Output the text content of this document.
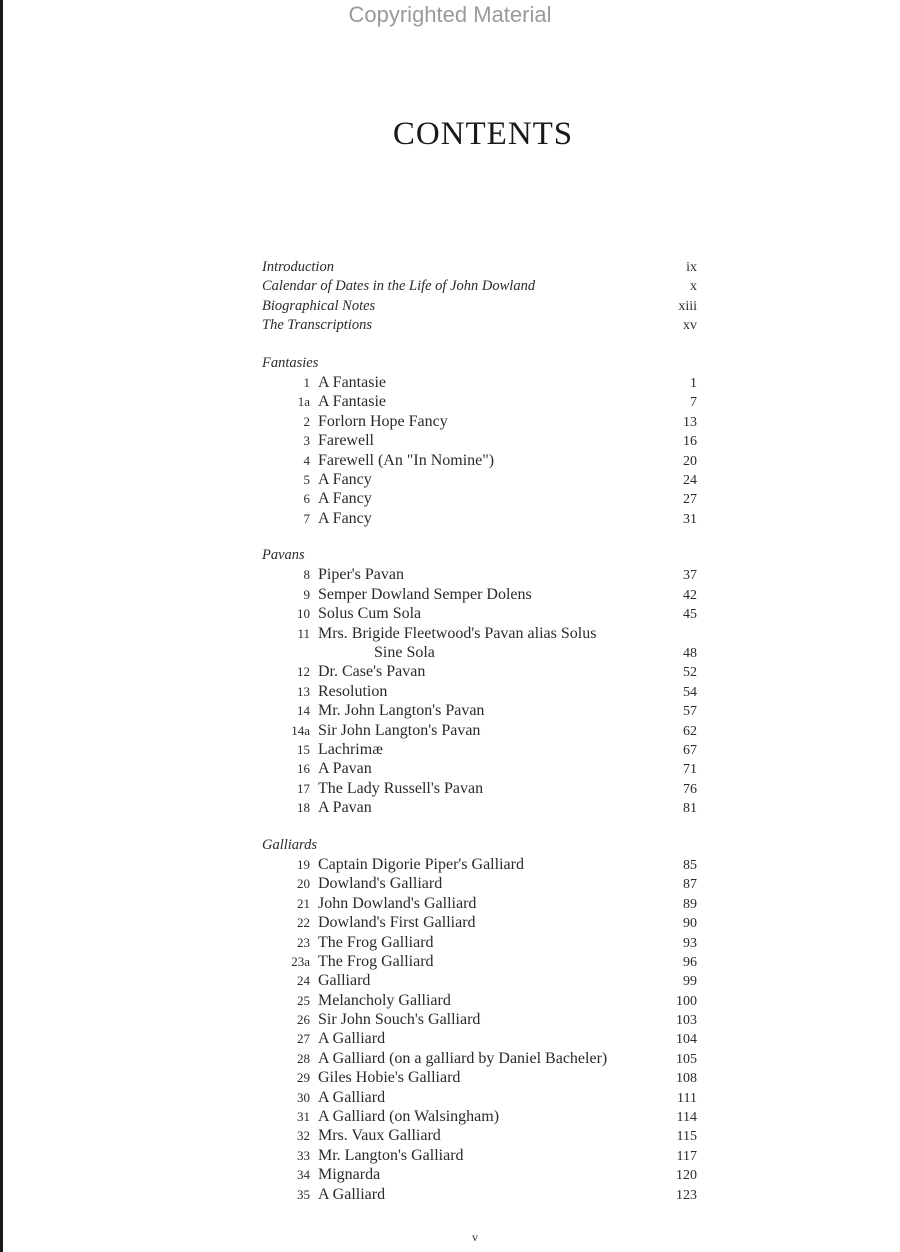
Copyrighted Material
CONTENTS
Introduction	ix
Calendar of Dates in the Life of John Dowland	x
Biographical Notes	xiii
The Transcriptions	xv
Fantasies
1 A Fantasie	1
1a A Fantasie	7
2 Forlorn Hope Fancy	13
3 Farewell	16
4 Farewell (An "In Nomine")	20
5 A Fancy	24
6 A Fancy	27
7 A Fancy	31
Pavans
8 Piper's Pavan	37
9 Semper Dowland Semper Dolens	42
10 Solus Cum Sola	45
11 Mrs. Brigide Fleetwood's Pavan alias Solus
Sine Sola	48
12 Dr. Case's Pavan	52
13 Resolution	54
14 Mr. John Langton's Pavan	57
14a Sir John Langton's Pavan	62
15 Lachrimæ	67
16 A Pavan	71
17 The Lady Russell's Pavan	76
18 A Pavan	81
Galliards
19 Captain Digorie Piper's Galliard	85
20 Dowland's Galliard	87
21 John Dowland's Galliard	89
22 Dowland's First Galliard	90
23 The Frog Galliard	93
23a The Frog Galliard	96
24 Galliard	99
25 Melancholy Galliard	100
26 Sir John Souch's Galliard	103
27 A Galliard	104
28 A Galliard (on a galliard by Daniel Bacheler)	105
29 Giles Hobie's Galliard	108
30 A Galliard	111
31 A Galliard (on Walsingham)	114
32 Mrs. Vaux Galliard	115
33 Mr. Langton's Galliard	117
34 Mignarda	120
35 A Galliard	123
v
